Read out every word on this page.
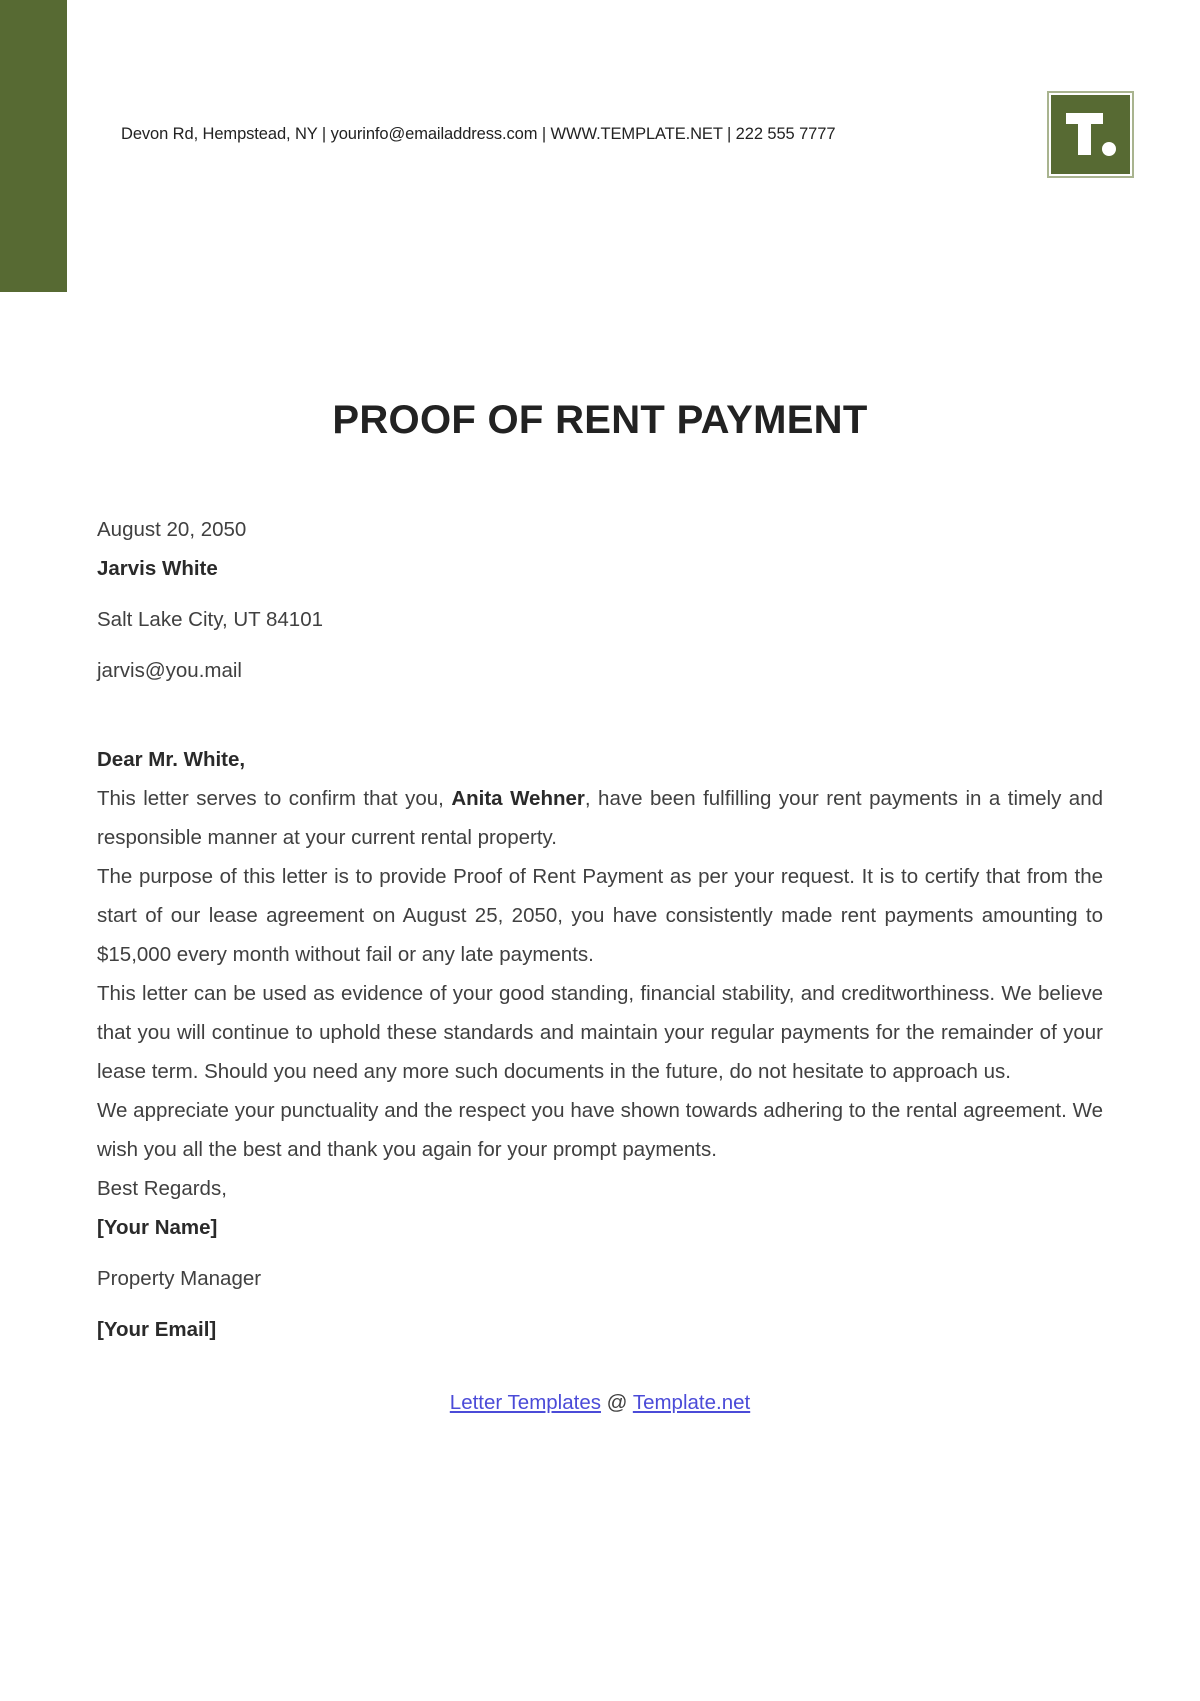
Devon Rd, Hempstead, NY | yourinfo@emailaddress.com | WWW.TEMPLATE.NET | 222 555 7777
PROOF OF RENT PAYMENT

August 20, 2050

Jarvis White

Salt Lake City, UT 84101

jarvis@you.mail

Dear Mr. White,

This letter serves to confirm that you, Anita Wehner, have been fulfilling your rent payments in a timely and responsible manner at your current rental property.

The purpose of this letter is to provide Proof of Rent Payment as per your request. It is to certify that from the start of our lease agreement on August 25, 2050, you have consistently made rent payments amounting to $15,000 every month without fail or any late payments.

This letter can be used as evidence of your good standing, financial stability, and creditworthiness. We believe that you will continue to uphold these standards and maintain your regular payments for the remainder of your lease term. Should you need any more such documents in the future, do not hesitate to approach us.

We appreciate your punctuality and the respect you have shown towards adhering to the rental agreement. We wish you all the best and thank you again for your prompt payments.

Best Regards,

[Your Name]

Property Manager

[Your Email]

Letter Templates @ Template.net
